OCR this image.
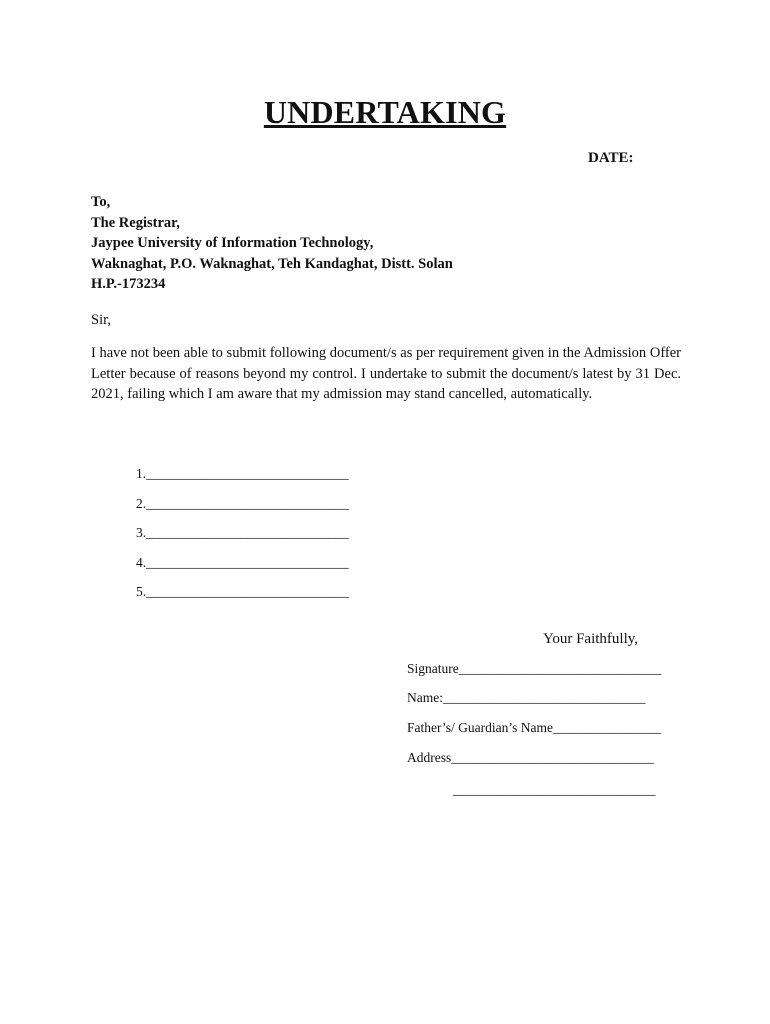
UNDERTAKING
DATE:
To,
The Registrar,
Jaypee University of Information Technology,
Waknaghat, P.O. Waknaghat, Teh Kandaghat, Distt. Solan
H.P.-173234
Sir,
I have not been able to submit following document/s as per requirement given in the Admission Offer Letter because of reasons beyond my control. I undertake to submit the document/s latest by 31 Dec. 2021, failing which I am aware that my admission may stand cancelled, automatically.
1.______________________________
2.______________________________
3.______________________________
4.______________________________
5.______________________________
Your Faithfully,
Signature______________________________
Name:______________________________
Father’s/ Guardian’s Name________________
Address______________________________
______________________________
